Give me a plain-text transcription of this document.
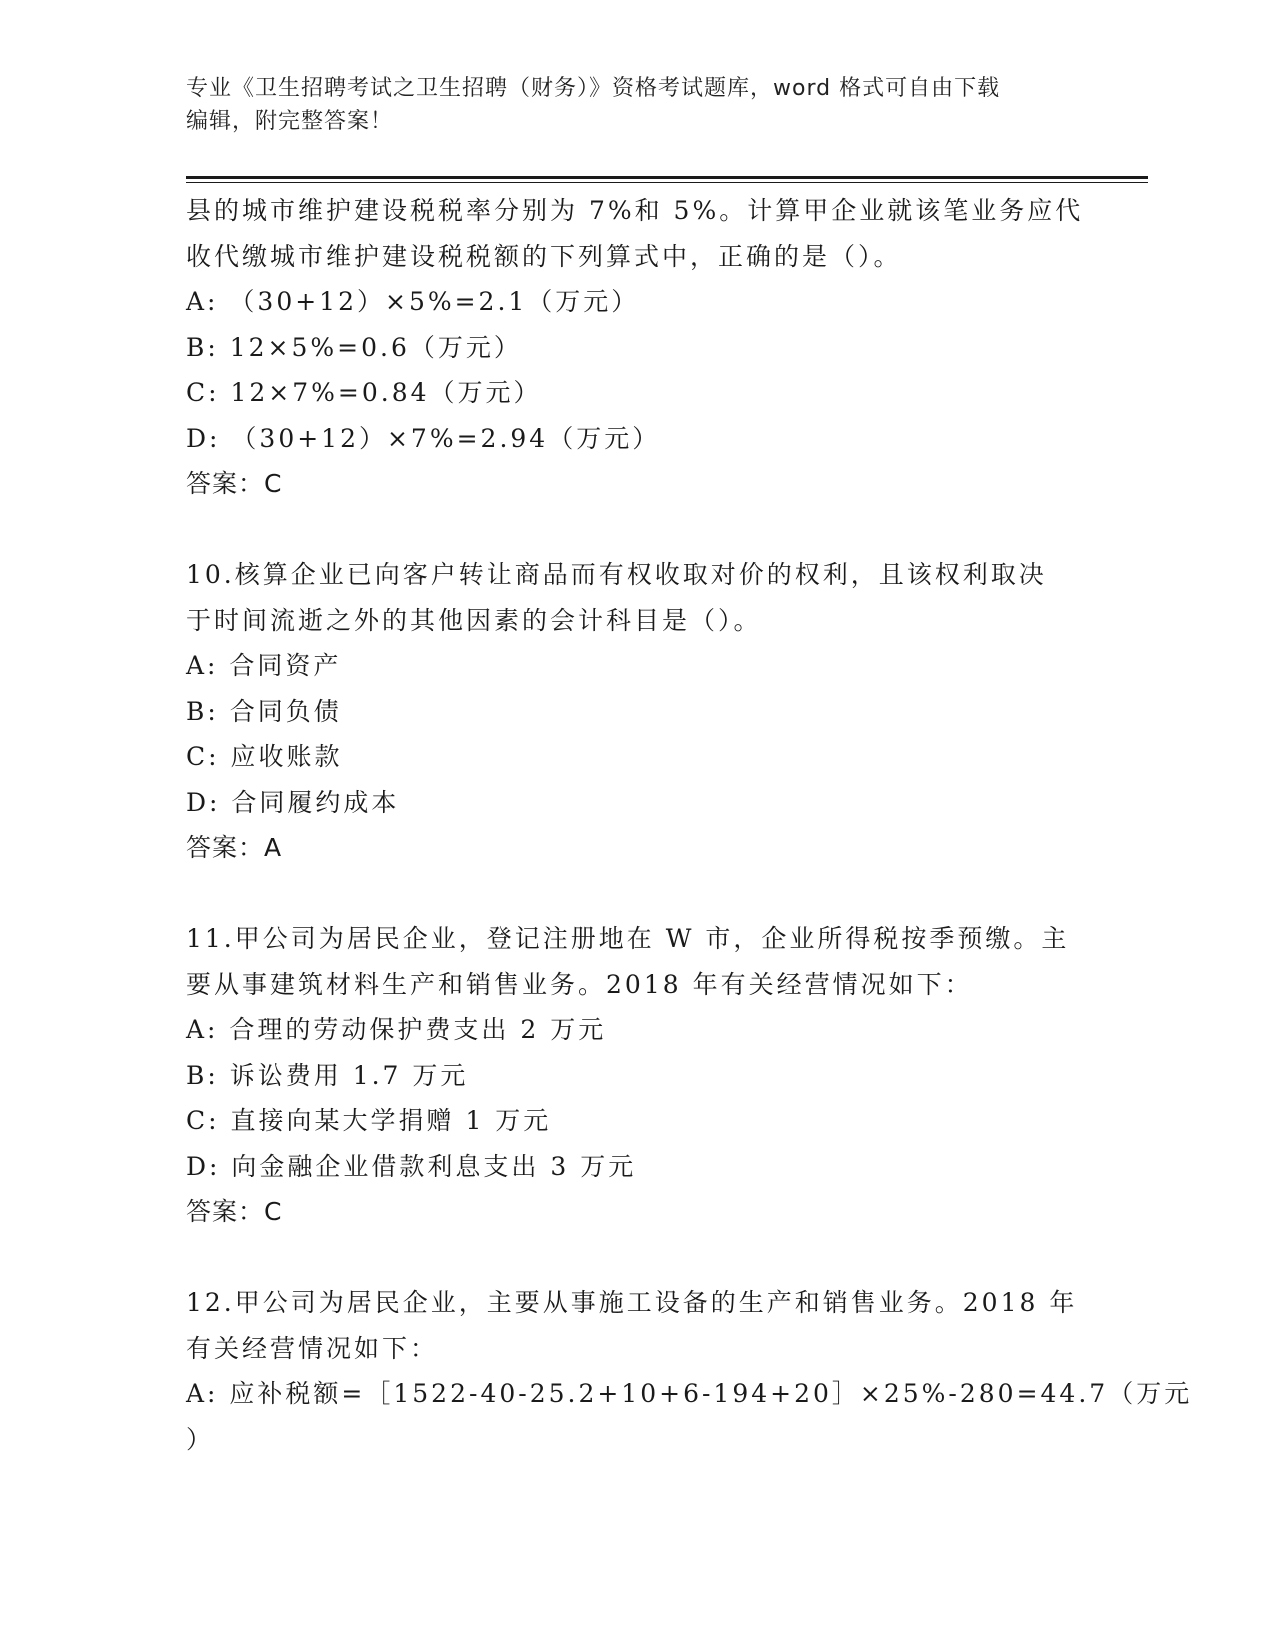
专业《卫生招聘考试之卫生招聘（财务）》资格考试题库，word 格式可自由下载
编辑，附完整答案！
县的城市维护建设税税率分别为 7%和 5%。计算甲企业就该笔业务应代
收代缴城市维护建设税税额的下列算式中，正确的是（）。
A: （30+12）×5%=2.1（万元）
B: 12×5%=0.6（万元）
C: 12×7%=0.84（万元）
D: （30+12）×7%=2.94（万元）
答案：C
10.核算企业已向客户转让商品而有权收取对价的权利，且该权利取决
于时间流逝之外的其他因素的会计科目是（）。
A: 合同资产
B: 合同负债
C: 应收账款
D: 合同履约成本
答案：A
11.甲公司为居民企业，登记注册地在 W 市，企业所得税按季预缴。主
要从事建筑材料生产和销售业务。2018 年有关经营情况如下：
A: 合理的劳动保护费支出 2 万元
B: 诉讼费用 1.7 万元
C: 直接向某大学捐赠 1 万元
D: 向金融企业借款利息支出 3 万元
答案：C
12.甲公司为居民企业，主要从事施工设备的生产和销售业务。2018 年
有关经营情况如下：
A: 应补税额=［1522-40-25.2+10+6-194+20］×25%-280=44.7（万元
）
